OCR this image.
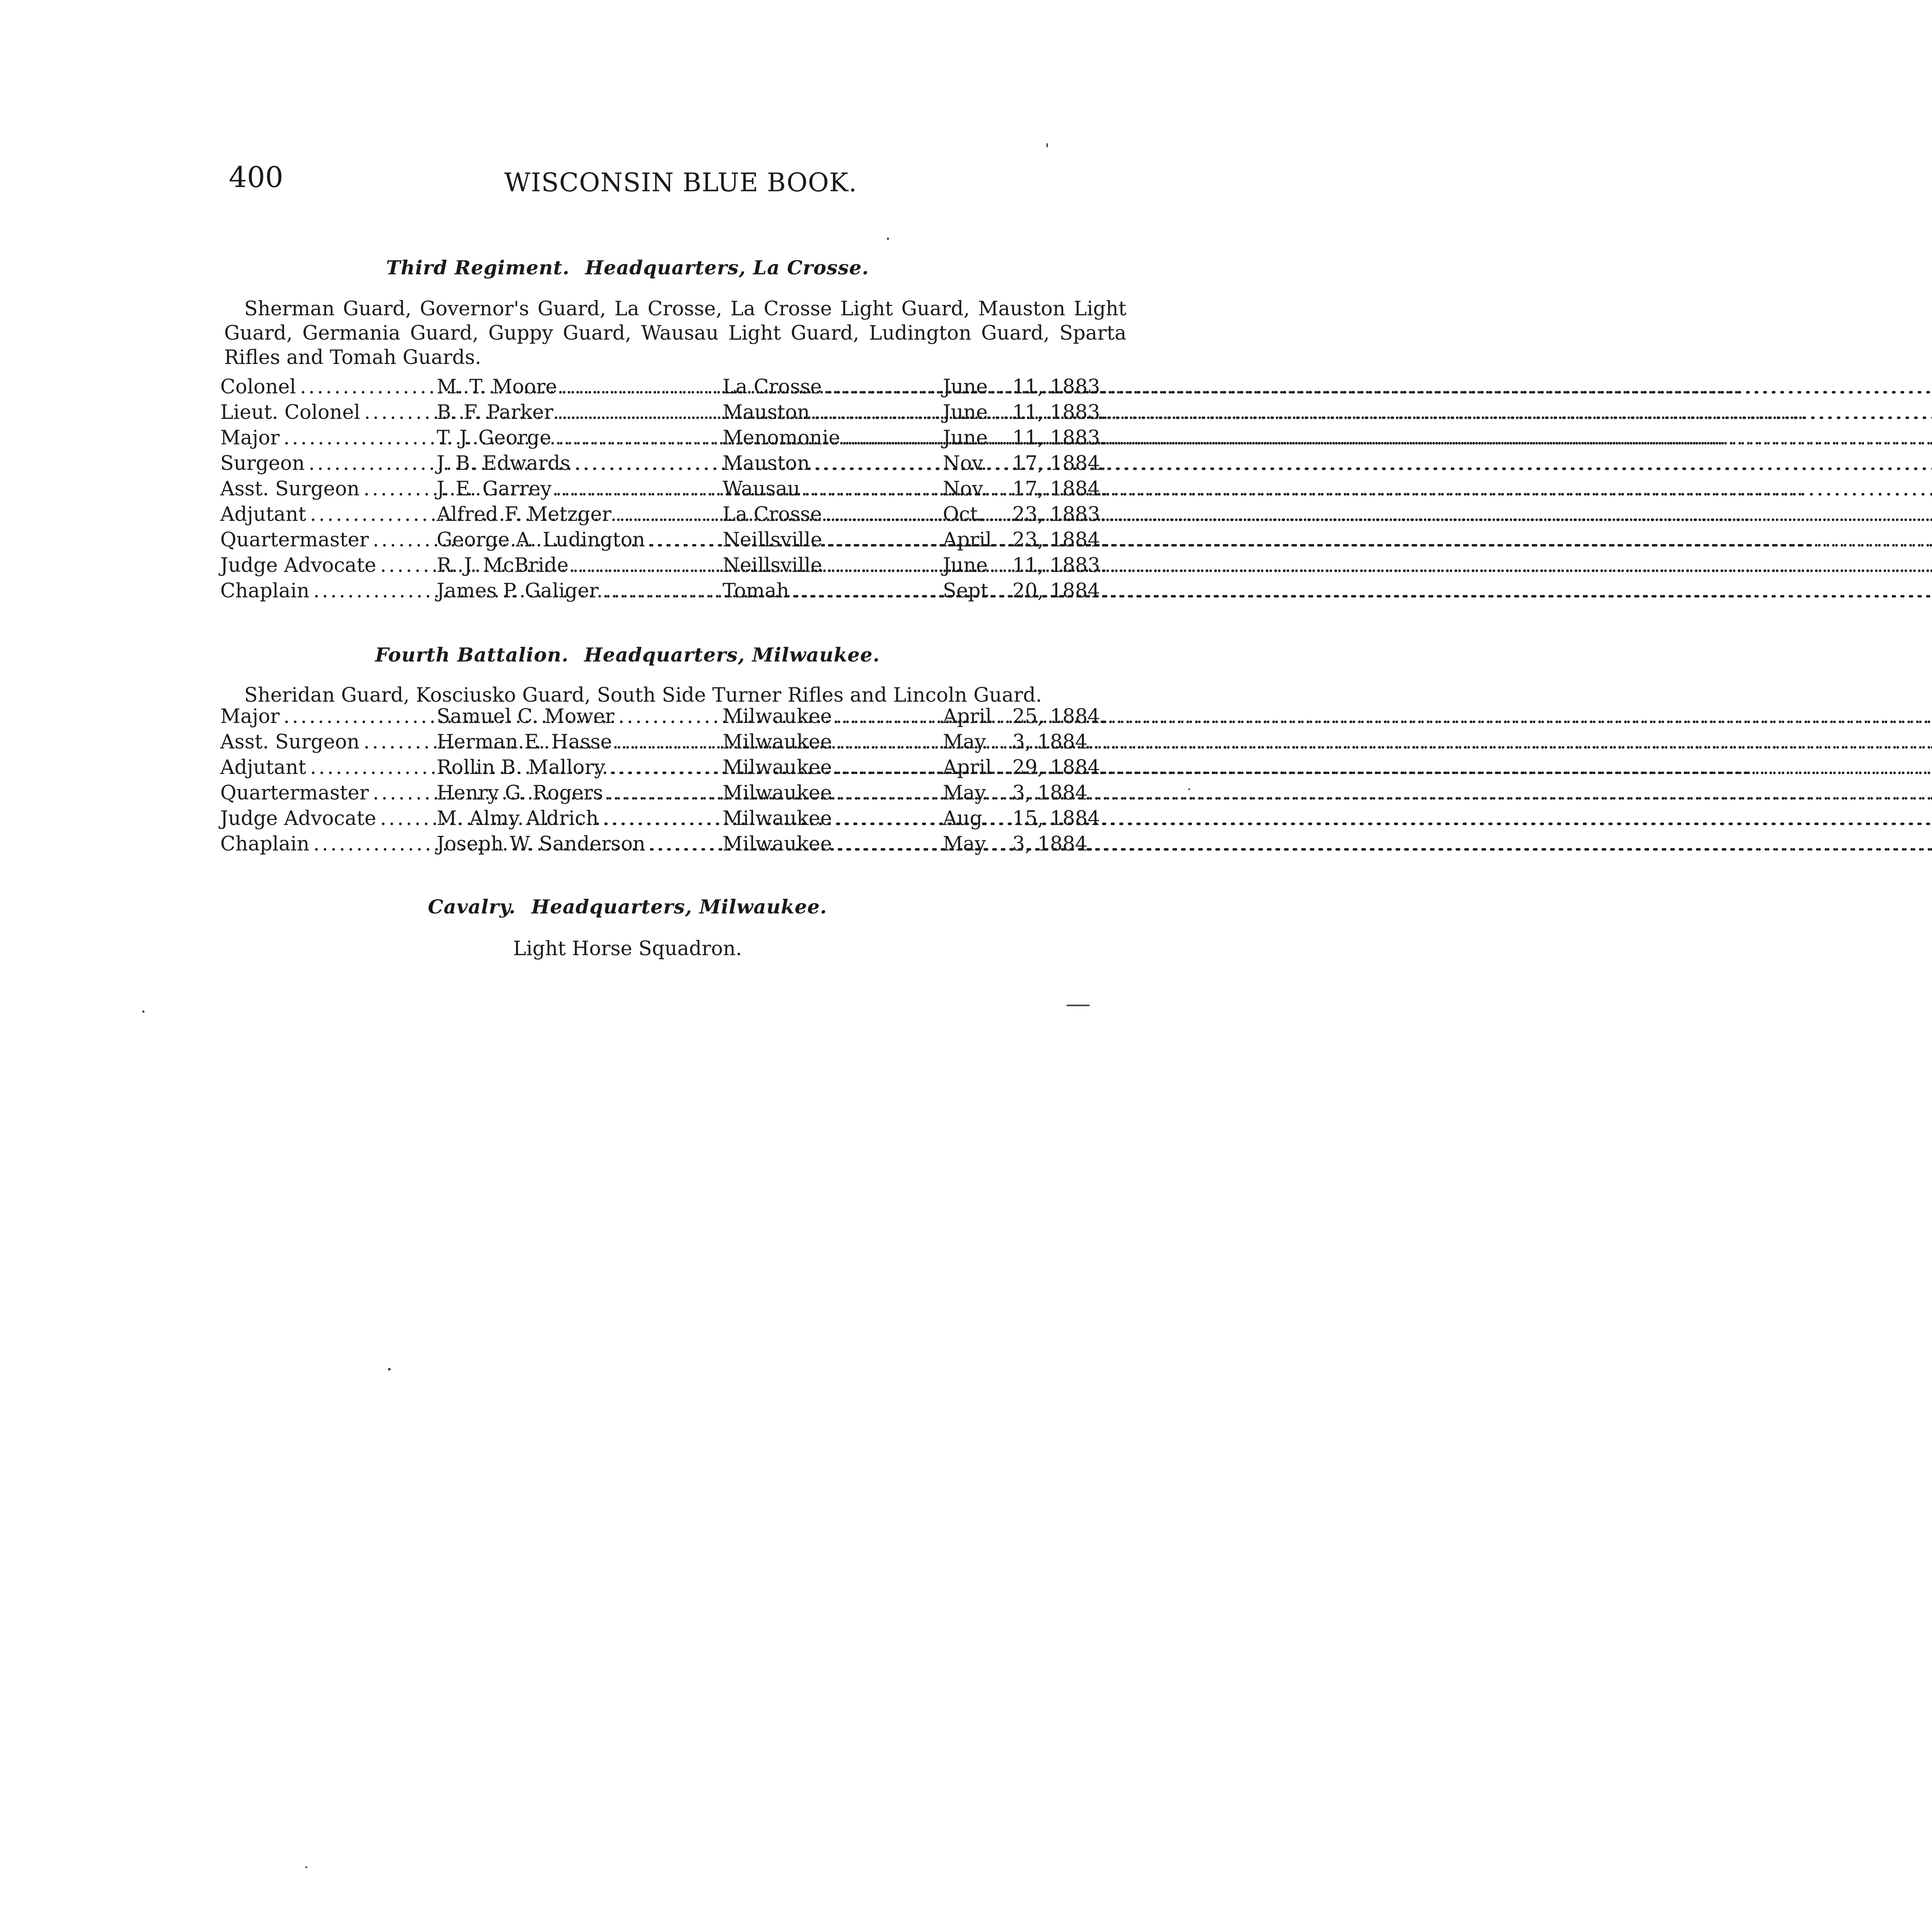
400	WISCONSIN BLUE BOOK.
Third Regiment. Headquarters, La Crosse.

Sherman Guard, Governor's Guard, La Crosse, La Crosse Light Guard, Mauston Light Guard, Germania Guard, Guppy Guard, Wausau Light Guard, Ludington Guard, Sparta Rifles and Tomah Guards.

Colonel .....	M. T. Moore .....	La Crosse .....	June 11, 1883.
Lieut. Colonel .....	B. F. Parker .....	Mauston .....	June 11, 1883.
Major .....	T. J. George .....	Menomonie .....	June 11, 1883.
Surgeon .....	J. B. Edwards .....	Mauston .....	Nov. 17, 1884.
Asst. Surgeon .....	J. E. Garrey .....	Wausau .....	Nov. 17, 1884.
Adjutant .....	Alfred F. Metzger .....	La Crosse .....	Oct. 23, 1883.
Quartermaster .....	George A. Ludington .....	Neillsville .....	April 23, 1884.
Judge Advocate .....	R. J. McBride .....	Neillsville .....	June 11, 1883.
Chaplain .....	James P. Galiger .....	Tomah .....	Sept. 20, 1884.
Fourth Battalion. Headquarters, Milwaukee.

Sheridan Guard, Kosciusko Guard, South Side Turner Rifles and Lincoln Guard.

Major .....	Samuel C. Mower .....	Milwaukee .....	April 25, 1884.
Asst. Surgeon .....	Herman E. Hasse .....	Milwaukee .....	May 3, 1884.
Adjutant .....	Rollin B. Mallory .....	Milwaukee .....	April 29, 1884.
Quartermaster .....	Henry G. Rogers .....	Milwaukee .....	May 3, 1884.
Judge Advocate .....	M. Almy Aldrich .....	Milwaukee .....	Aug. 15, 1884.
Chaplain .....	Joseph W. Sanderson .....	Milwaukee .....	May 3, 1884.
Cavalry. Headquarters, Milwaukee.
Light Horse Squadron.
